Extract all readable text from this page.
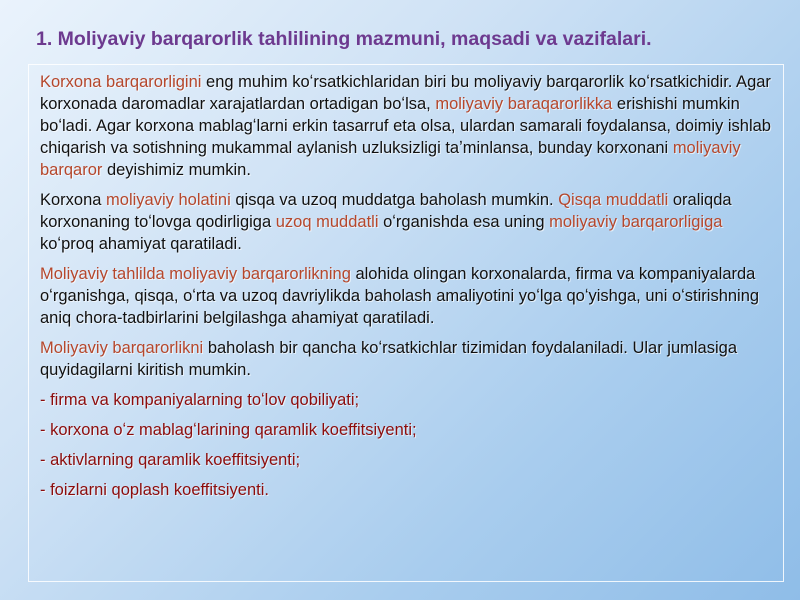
1. Moliyaviy barqarorlik tahlilining mazmuni, maqsadi va vazifalari.

Korxona barqarorligini eng muhim koʻrsatkichlaridan biri bu moliyaviy barqarorlik koʻrsatkichidir. Agar korxonada daromadlar xarajatlardan ortadigan boʻlsa, moliyaviy baraqarorlikka erishishi mumkin boʻladi. Agar korxona mablagʻlarni erkin tasarruf eta olsa, ulardan samarali foydalansa, doimiy ishlab chiqarish va sotishning mukammal aylanish uzluksizligi taʼminlansa, bunday korxonani moliyaviy barqaror deyishimiz mumkin.

Korxona moliyaviy holatini qisqa va uzoq muddatga baholash mumkin. Qisqa muddatli oraliqda korxonaning toʻlovga qodirligiga uzoq muddatli oʻrganishda esa uning moliyaviy barqarorligiga koʻproq ahamiyat qaratiladi.

Moliyaviy tahlilda moliyaviy barqarorlikning alohida olingan korxonalarda, firma va kompaniyalarda oʻrganishga, qisqa, oʻrta va uzoq davriylikda baholash amaliyotini yoʻlga qoʻyishga, uni oʻstirishning aniq chora-tadbirlarini belgilashga ahamiyat qaratiladi.

Moliyaviy barqarorlikni baholash bir qancha koʻrsatkichlar tizimidan foydalaniladi. Ular jumlasiga quyidagilarni kiritish mumkin.

- firma va kompaniyalarning toʻlov qobiliyati;

- korxona oʻz mablagʻlarining qaramlik koeffitsiyenti;

- aktivlarning qaramlik koeffitsiyenti;

- foizlarni qoplash koeffitsiyenti.
